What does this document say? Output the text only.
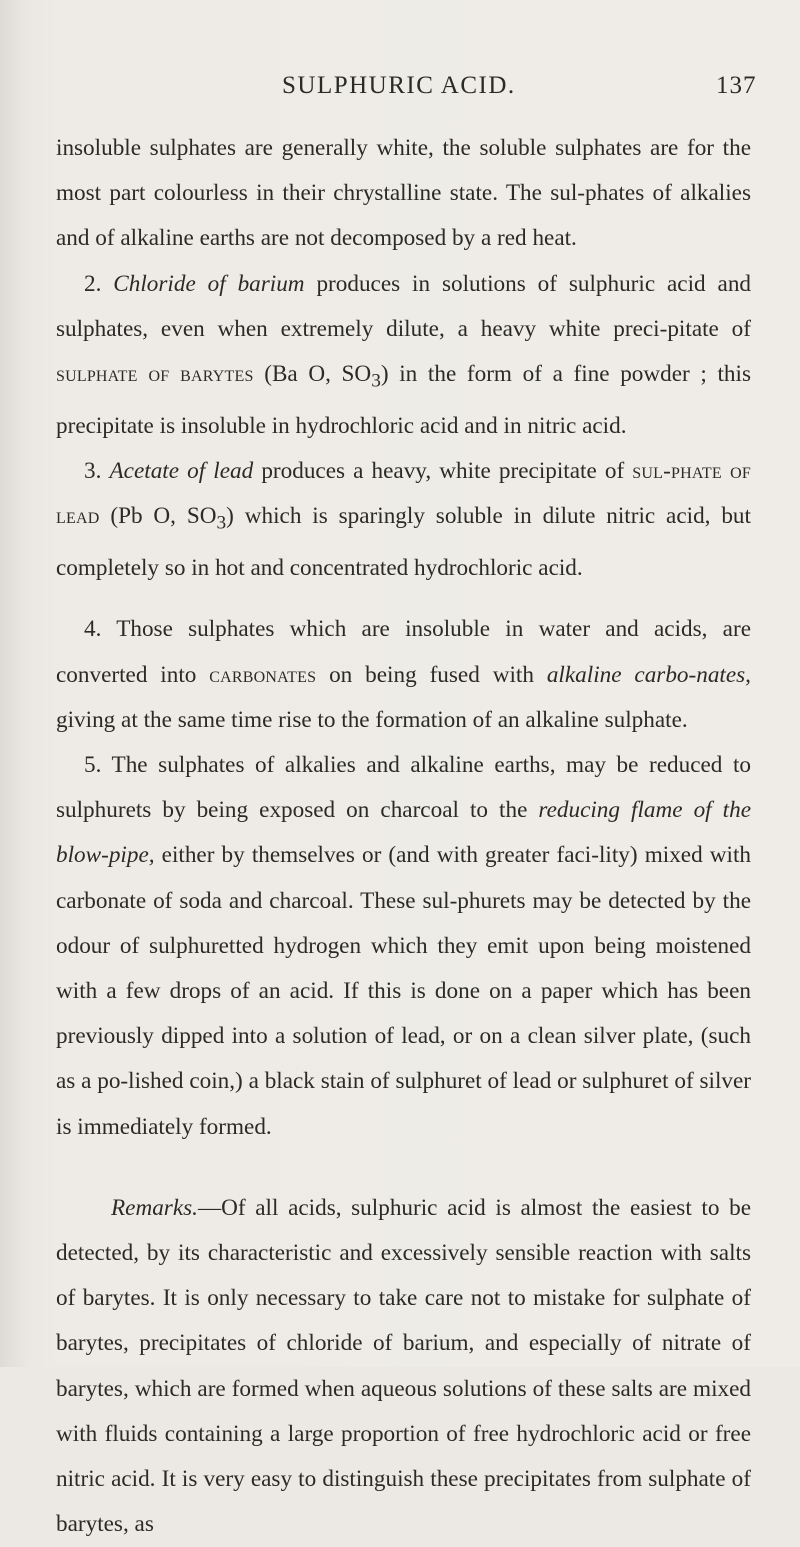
SULPHURIC ACID.	137

insoluble sulphates are generally white, the soluble sulphates are for the most part colourless in their chrystalline state. The sul-phates of alkalies and of alkaline earths are not decomposed by a red heat.

2. Chloride of barium produces in solutions of sulphuric acid and sulphates, even when extremely dilute, a heavy white preci-pitate of sulphate of barytes (Ba O, $SO_3$) in the form of a fine powder ; this precipitate is insoluble in hydrochloric acid and in nitric acid.

3. Acetate of lead produces a heavy, white precipitate of sul-phate of lead (Pb O, $SO_3$) which is sparingly soluble in dilute nitric acid, but completely so in hot and concentrated hydrochloric acid.

4. Those sulphates which are insoluble in water and acids, are converted into carbonates on being fused with alkaline carbo-nates, giving at the same time rise to the formation of an alkaline sulphate.

5. The sulphates of alkalies and alkaline earths, may be reduced to sulphurets by being exposed on charcoal to the reducing flame of the blow-pipe, either by themselves or (and with greater faci-lity) mixed with carbonate of soda and charcoal. These sul-phurets may be detected by the odour of sulphuretted hydrogen which they emit upon being moistened with a few drops of an acid. If this is done on a paper which has been previously dipped into a solution of lead, or on a clean silver plate, (such as a po-lished coin,) a black stain of sulphuret of lead or sulphuret of silver is immediately formed.

Remarks.—Of all acids, sulphuric acid is almost the easiest to be detected, by its characteristic and excessively sensible reaction with salts of barytes. It is only necessary to take care not to mistake for sulphate of barytes, precipitates of chloride of barium, and especially of nitrate of barytes, which are formed when aqueous solutions of these salts are mixed with fluids containing a large proportion of free hydrochloric acid or free nitric acid. It is very easy to distinguish these precipitates from sulphate of barytes, as
